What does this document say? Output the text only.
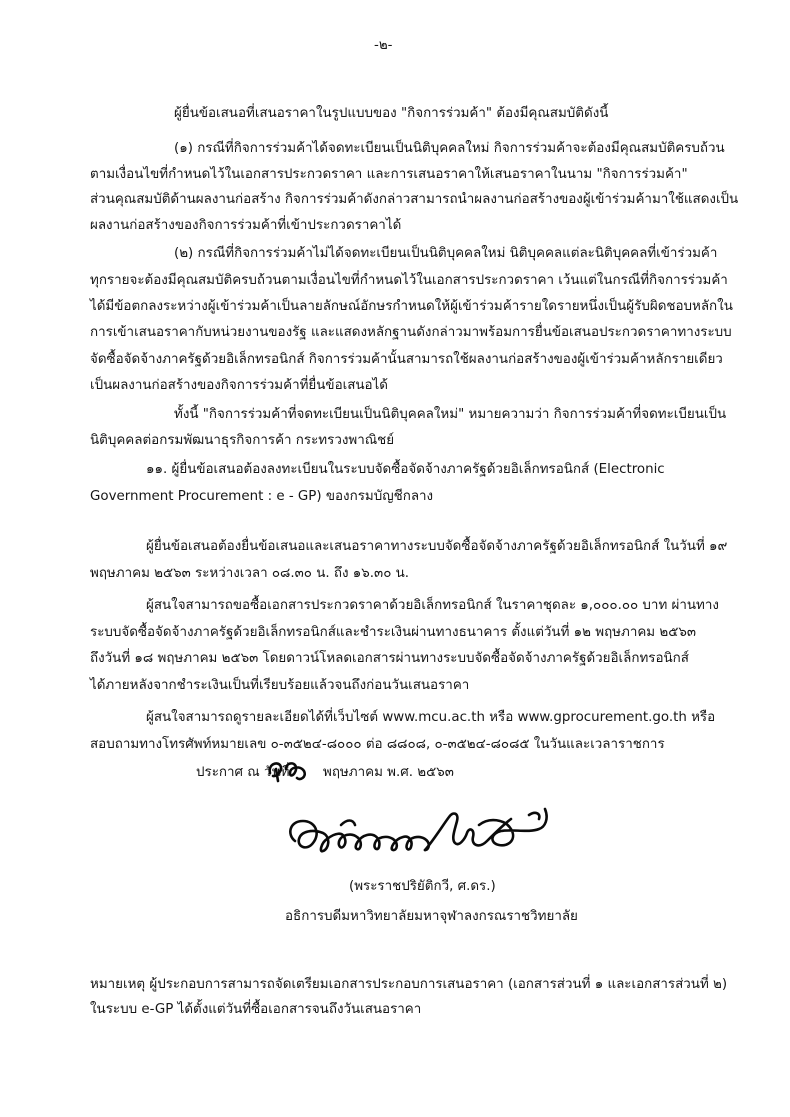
-๒-
ผู้ยื่นข้อเสนอที่เสนอราคาในรูปแบบของ "กิจการร่วมค้า" ต้องมีคุณสมบัติดังนี้
(๑) กรณีที่กิจการร่วมค้าได้จดทะเบียนเป็นนิติบุคคลใหม่ กิจการร่วมค้าจะต้องมีคุณสมบัติครบถ้วน
ตามเงื่อนไขที่กำหนดไว้ในเอกสารประกวดราคา และการเสนอราคาให้เสนอราคาในนาม "กิจการร่วมค้า"
ส่วนคุณสมบัติด้านผลงานก่อสร้าง กิจการร่วมค้าดังกล่าวสามารถนำผลงานก่อสร้างของผู้เข้าร่วมค้ามาใช้แสดงเป็น
ผลงานก่อสร้างของกิจการร่วมค้าที่เข้าประกวดราคาได้
(๒) กรณีที่กิจการร่วมค้าไม่ได้จดทะเบียนเป็นนิติบุคคลใหม่ นิติบุคคลแต่ละนิติบุคคลที่เข้าร่วมค้า
ทุกรายจะต้องมีคุณสมบัติครบถ้วนตามเงื่อนไขที่กำหนดไว้ในเอกสารประกวดราคา เว้นแต่ในกรณีที่กิจการร่วมค้า
ได้มีข้อตกลงระหว่างผู้เข้าร่วมค้าเป็นลายลักษณ์อักษรกำหนดให้ผู้เข้าร่วมค้ารายใดรายหนึ่งเป็นผู้รับผิดชอบหลักใน
การเข้าเสนอราคากับหน่วยงานของรัฐ และแสดงหลักฐานดังกล่าวมาพร้อมการยื่นข้อเสนอประกวดราคาทางระบบ
จัดซื้อจัดจ้างภาครัฐด้วยอิเล็กทรอนิกส์ กิจการร่วมค้านั้นสามารถใช้ผลงานก่อสร้างของผู้เข้าร่วมค้าหลักรายเดียว
เป็นผลงานก่อสร้างของกิจการร่วมค้าที่ยื่นข้อเสนอได้
ทั้งนี้ "กิจการร่วมค้าที่จดทะเบียนเป็นนิติบุคคลใหม่" หมายความว่า กิจการร่วมค้าที่จดทะเบียนเป็น
นิติบุคคลต่อกรมพัฒนาธุรกิจการค้า กระทรวงพาณิชย์
๑๑. ผู้ยื่นข้อเสนอต้องลงทะเบียนในระบบจัดซื้อจัดจ้างภาครัฐด้วยอิเล็กทรอนิกส์ (Electronic
Government Procurement : e - GP) ของกรมบัญชีกลาง
ผู้ยื่นข้อเสนอต้องยื่นข้อเสนอและเสนอราคาทางระบบจัดซื้อจัดจ้างภาครัฐด้วยอิเล็กทรอนิกส์ ในวันที่ ๑๙
พฤษภาคม ๒๕๖๓ ระหว่างเวลา ๐๘.๓๐ น. ถึง ๑๖.๓๐ น.
ผู้สนใจสามารถขอซื้อเอกสารประกวดราคาด้วยอิเล็กทรอนิกส์ ในราคาชุดละ ๑,๐๐๐.๐๐ บาท ผ่านทาง
ระบบจัดซื้อจัดจ้างภาครัฐด้วยอิเล็กทรอนิกส์และชำระเงินผ่านทางธนาคาร ตั้งแต่วันที่ ๑๒ พฤษภาคม ๒๕๖๓
ถึงวันที่ ๑๘ พฤษภาคม ๒๕๖๓ โดยดาวน์โหลดเอกสารผ่านทางระบบจัดซื้อจัดจ้างภาครัฐด้วยอิเล็กทรอนิกส์
ได้ภายหลังจากชำระเงินเป็นที่เรียบร้อยแล้วจนถึงก่อนวันเสนอราคา
ผู้สนใจสามารถดูรายละเอียดได้ที่เว็บไซต์ www.mcu.ac.th หรือ www.gprocurement.go.th หรือ
สอบถามทางโทรศัพท์หมายเลข ๐-๓๕๒๔-๘๐๐๐ ต่อ ๘๘๐๘, ๐-๓๕๒๔-๘๐๘๕ ในวันและเวลาราชการ
ประกาศ ณ วันที่	พฤษภาคม พ.ศ. ๒๕๖๓
(พระราชปริยัติกวี, ศ.ดร.)
อธิการบดีมหาวิทยาลัยมหาจุฬาลงกรณราชวิทยาลัย
หมายเหตุ ผู้ประกอบการสามารถจัดเตรียมเอกสารประกอบการเสนอราคา (เอกสารส่วนที่ ๑ และเอกสารส่วนที่ ๒)
ในระบบ e-GP ได้ตั้งแต่วันที่ซื้อเอกสารจนถึงวันเสนอราคา
